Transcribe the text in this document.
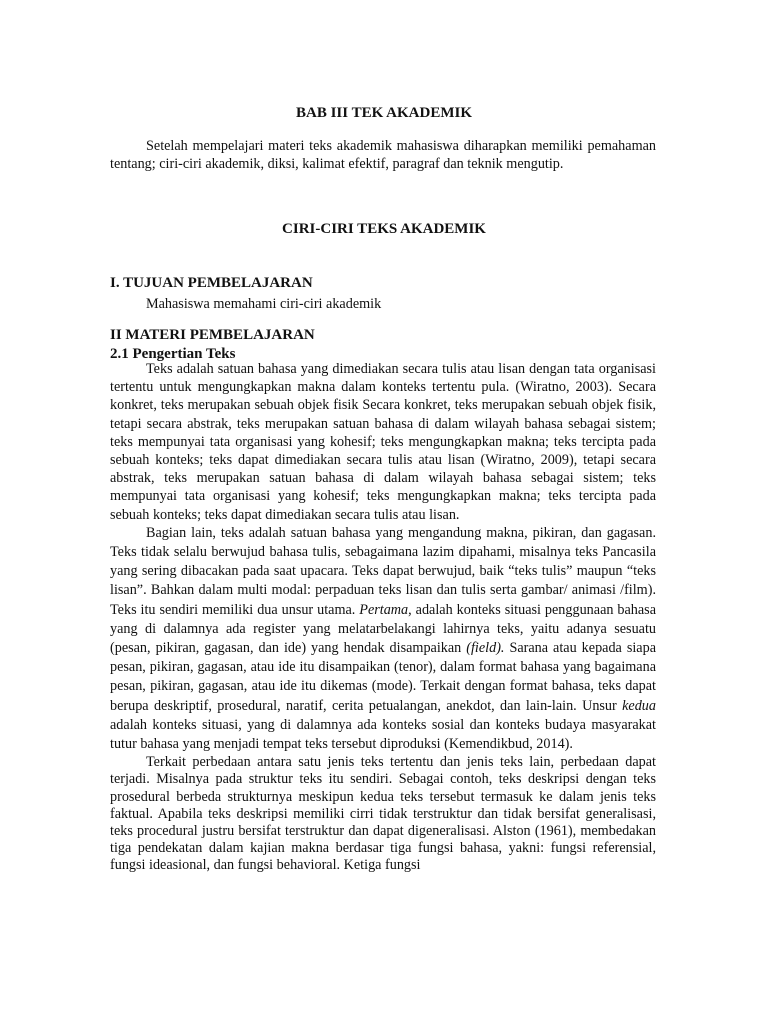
BAB III TEK AKADEMIK

Setelah mempelajari materi teks akademik mahasiswa diharapkan memiliki pemahaman tentang; ciri-ciri akademik, diksi, kalimat efektif, paragraf dan teknik mengutip.

CIRI-CIRI TEKS AKADEMIK
I. TUJUAN PEMBELAJARAN
Mahasiswa memahami ciri-ciri akademik
II MATERI PEMBELAJARAN
2.1 Pengertian Teks

Teks adalah satuan bahasa yang dimediakan secara tulis atau lisan dengan tata organisasi tertentu untuk mengungkapkan makna dalam konteks tertentu pula. (Wiratno, 2003). Secara konkret, teks merupakan sebuah objek fisik Secara konkret, teks merupakan sebuah objek fisik, tetapi secara abstrak, teks merupakan satuan bahasa di dalam wilayah bahasa sebagai sistem; teks mempunyai tata organisasi yang kohesif; teks mengungkapkan makna; teks tercipta pada sebuah konteks; teks dapat dimediakan secara tulis atau lisan (Wiratno, 2009), tetapi secara abstrak, teks merupakan satuan bahasa di dalam wilayah bahasa sebagai sistem; teks mempunyai tata organisasi yang kohesif; teks mengungkapkan makna; teks tercipta pada sebuah konteks; teks dapat dimediakan secara tulis atau lisan.

Bagian lain, teks adalah satuan bahasa yang mengandung makna, pikiran, dan gagasan. Teks tidak selalu berwujud bahasa tulis, sebagaimana lazim dipahami, misalnya teks Pancasila yang sering dibacakan pada saat upacara. Teks dapat berwujud, baik “teks tulis” maupun “teks lisan”. Bahkan dalam multi modal: perpaduan teks lisan dan tulis serta gambar/ animasi /film). Teks itu sendiri memiliki dua unsur utama. Pertama, adalah konteks situasi penggunaan bahasa yang di dalamnya ada register yang melatarbelakangi lahirnya teks, yaitu adanya sesuatu (pesan, pikiran, gagasan, dan ide) yang hendak disampaikan (field). Sarana atau kepada siapa pesan, pikiran, gagasan, atau ide itu disampaikan (tenor), dalam format bahasa yang bagaimana pesan, pikiran, gagasan, atau ide itu dikemas (mode). Terkait dengan format bahasa, teks dapat berupa deskriptif, prosedural, naratif, cerita petualangan, anekdot, dan lain-lain. Unsur kedua adalah konteks situasi, yang di dalamnya ada konteks sosial dan konteks budaya masyarakat tutur bahasa yang menjadi tempat teks tersebut diproduksi (Kemendikbud, 2014).

Terkait perbedaan antara satu jenis teks tertentu dan jenis teks lain, perbedaan dapat terjadi. Misalnya pada struktur teks itu sendiri. Sebagai contoh, teks deskripsi dengan teks prosedural berbeda strukturnya meskipun kedua teks tersebut termasuk ke dalam jenis teks faktual. Apabila teks deskripsi memiliki cirri tidak terstruktur dan tidak bersifat generalisasi, teks procedural justru bersifat terstruktur dan dapat digeneralisasi. Alston (1961), membedakan tiga pendekatan dalam kajian makna berdasar tiga fungsi bahasa, yakni: fungsi referensial, fungsi ideasional, dan fungsi behavioral. Ketiga fungsi
